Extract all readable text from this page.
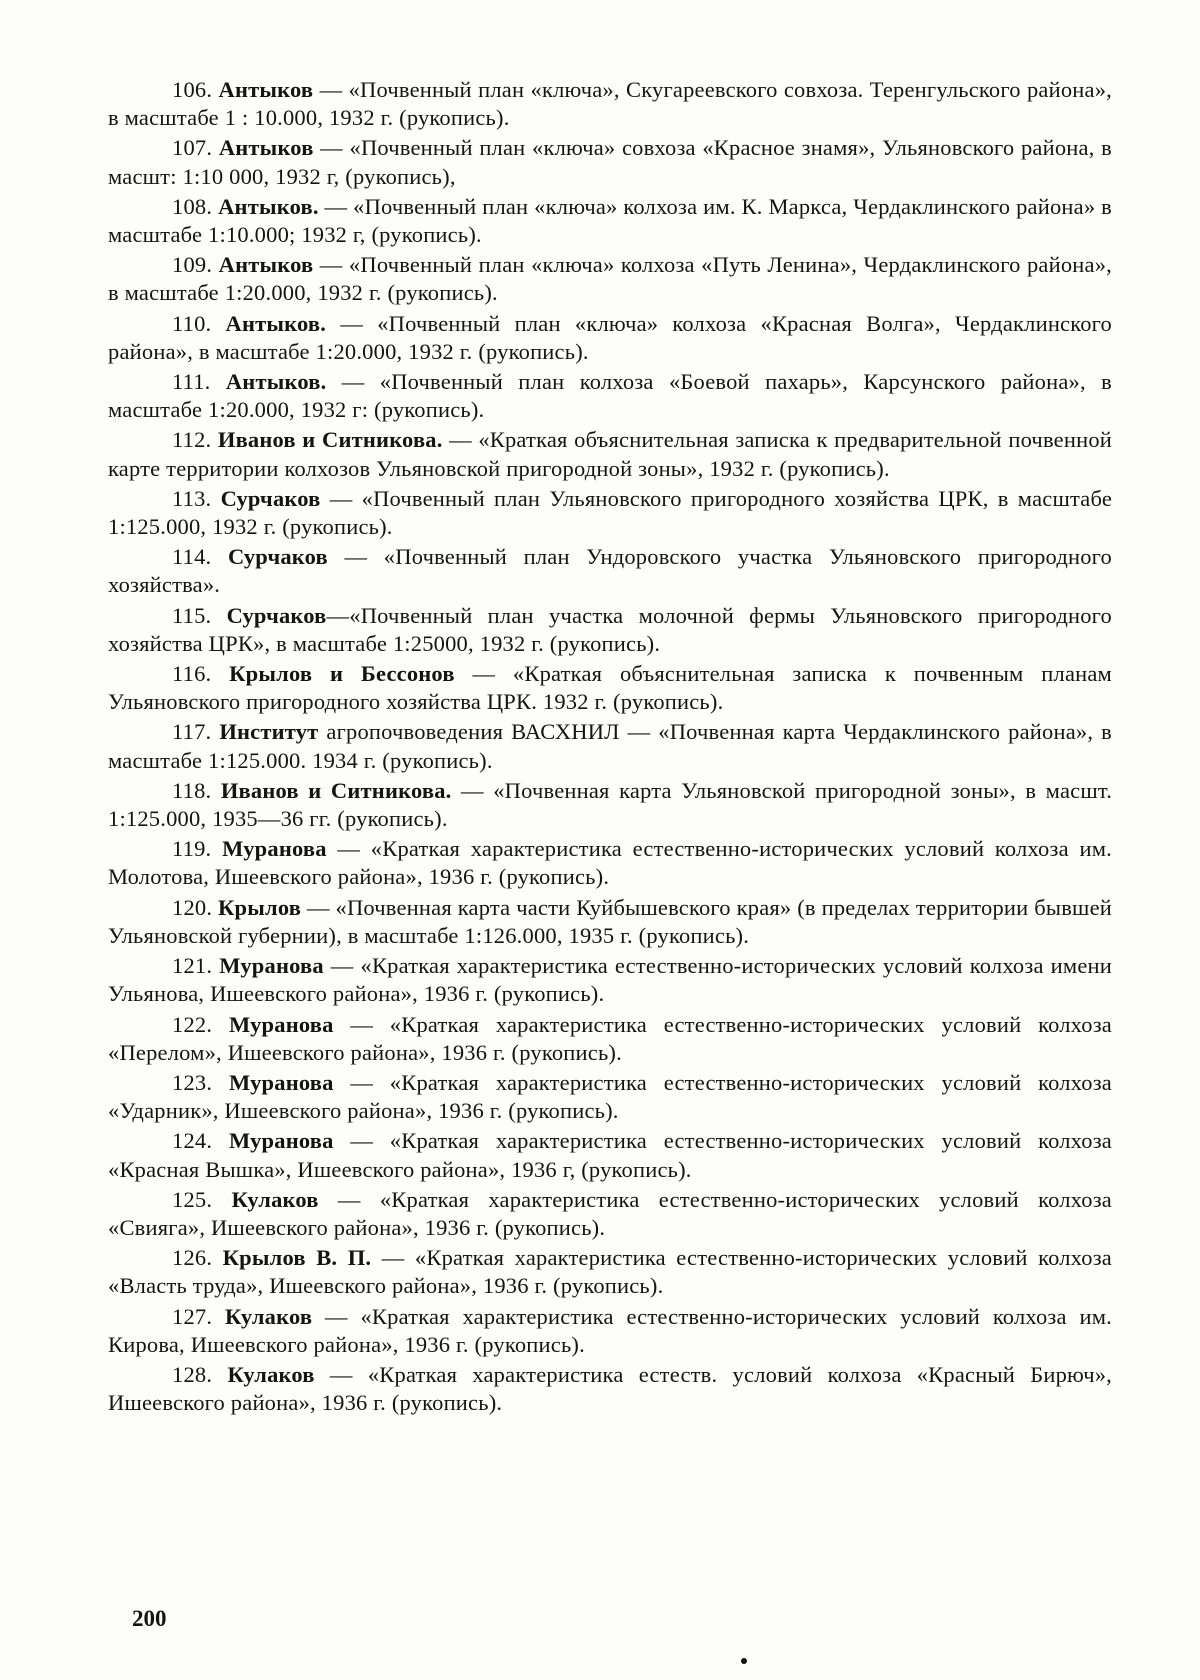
106. Антыков — «Почвенный план «ключа», Скугареевского совхоза. Теренгульского района», в масштабе 1 : 10.000, 1932 г. (рукопись).

107. Антыков — «Почвенный план «ключа» совхоза «Красное знамя», Ульяновского района, в масшт: 1:10 000, 1932 г, (рукопись),

108. Антыков. — «Почвенный план «ключа» колхоза им. К. Маркса, Чердаклинского района» в масштабе 1:10.000; 1932 г, (рукопись).

109. Антыков — «Почвенный план «ключа» колхоза «Путь Ленина», Чердаклинского района», в масштабе 1:20.000, 1932 г. (рукопись).

110. Антыков. — «Почвенный план «ключа» колхоза «Красная Волга», Чердаклинского района», в масштабе 1:20.000, 1932 г. (рукопись).

111. Антыков. — «Почвенный план колхоза «Боевой пахарь», Карсунского района», в масштабе 1:20.000, 1932 г: (рукопись).

112. Иванов и Ситникова. — «Краткая объяснительная записка к предварительной почвенной карте территории колхозов Ульяновской пригородной зоны», 1932 г. (рукопись).

113. Сурчаков — «Почвенный план Ульяновского пригородного хозяйства ЦРК, в масштабе 1:125.000, 1932 г. (рукопись).

114. Сурчаков — «Почвенный план Ундоровского участка Ульяновского пригородного хозяйства».

115. Сурчаков—«Почвенный план участка молочной фермы Ульяновского пригородного хозяйства ЦРК», в масштабе 1:25000, 1932 г. (рукопись).

116. Крылов и Бессонов — «Краткая объяснительная записка к почвенным планам Ульяновского пригородного хозяйства ЦРК. 1932 г. (рукопись).

117. Институт агропочвоведения ВАСХНИЛ — «Почвенная карта Чердаклинского района», в масштабе 1:125.000. 1934 г. (рукопись).

118. Иванов и Ситникова. — «Почвенная карта Ульяновской пригородной зоны», в масшт. 1:125.000, 1935—36 гг. (рукопись).

119. Муранова — «Краткая характеристика естественно-исторических условий колхоза им. Молотова, Ишеевского района», 1936 г. (рукопись).

120. Крылов — «Почвенная карта части Куйбышевского края» (в пределах территории бывшей Ульяновской губернии), в масштабе 1:126.000, 1935 г. (рукопись).

121. Муранова — «Краткая характеристика естественно-исторических условий колхоза имени Ульянова, Ишеевского района», 1936 г. (рукопись).

122. Муранова — «Краткая характеристика естественно-исторических условий колхоза «Перелом», Ишеевского района», 1936 г. (рукопись).

123. Муранова — «Краткая характеристика естественно-исторических условий колхоза «Ударник», Ишеевского района», 1936 г. (рукопись).

124. Муранова — «Краткая характеристика естественно-исторических условий колхоза «Красная Вышка», Ишеевского района», 1936 г, (рукопись).

125. Кулаков — «Краткая характеристика естественно-исторических условий колхоза «Свияга», Ишеевского района», 1936 г. (рукопись).

126. Крылов В. П. — «Краткая характеристика естественно-исторических условий колхоза «Власть труда», Ишеевского района», 1936 г. (рукопись).

127. Кулаков — «Краткая характеристика естественно-исторических условий колхоза им. Кирова, Ишеевского района», 1936 г. (рукопись).

128. Кулаков — «Краткая характеристика естеств. условий колхоза «Красный Бирюч», Ишеевского района», 1936 г. (рукопись).

200
